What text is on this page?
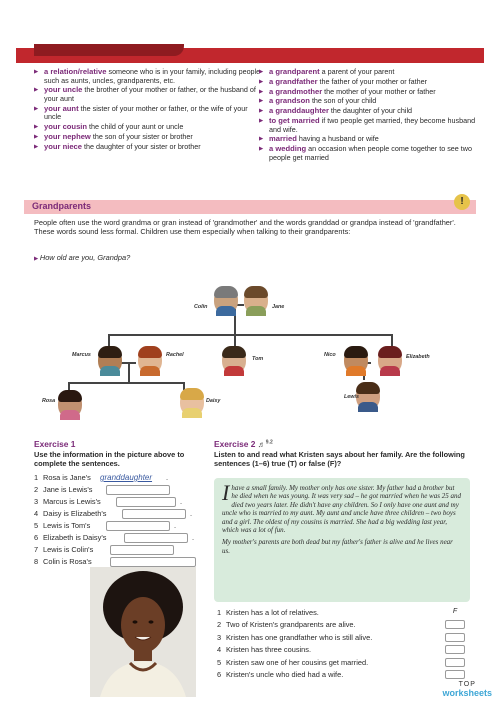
▶ a relation/relative someone who is in your family, including people such as aunts, uncles, grandparents, etc.
▶ your uncle the brother of your mother or father, or the husband of your aunt
▶ your aunt the sister of your mother or father, or the wife of your uncle
▶ your cousin the child of your aunt or uncle
▶ your nephew the son of your sister or brother
▶ your niece the daughter of your sister or brother
▶ a grandparent a parent of your parent
▶ a grandfather the father of your mother or father
▶ a grandmother the mother of your mother or father
▶ a grandson the son of your child
▶ a granddaughter the daughter of your child
▶ to get married if two people get married, they become husband and wife.
▶ married having a husband or wife
▶ a wedding an occasion when people come together to see two people get married
Grandparents	!
People often use the word grandma or gran instead of 'grandmother' and the words granddad or grandpa instead of 'grandfather'. These words sound less formal. Children use them especially when talking to their grandparents:
▶ How old are you, Grandpa?
Colin	Jane
Marcus	Rachel
Tom
Nico	Elizabeth
Rosa	Daisy
Lewis
Exercise 1
Use the information in the picture above to complete the sentences.
1 Rosa is Jane's granddaughter .
2 Jane is Lewis's
3 Marcus is Lewis's	.
4 Daisy is Elizabeth's	.
5 Lewis is Tom's	.
6 Elizabeth is Daisy's	.
7 Lewis is Colin's
8 Colin is Rosa's
Exercise 2 ♬$^{9.2}$
Listen to and read what Kristen says about her family. Are the following sentences (1–6) true (T) or false (F)?

Ihave a small family. My mother only has one sister. My father had a brother but he died when he was young. It was very sad – he got married when he was 25 and died two years later. He didn't have any children. So I only have one aunt and my uncle who is married to my aunt. My aunt and uncle have three children – two boys and a girl. The oldest of my cousins is married. She had a big wedding last year, which was a lot of fun.

My mother's parents are both dead but my father's father is alive and he lives near us.

1 Kristen has a lot of relatives.	F
2 Two of Kristen's grandparents are alive.
3 Kristen has one grandfather who is still alive.
4 Kristen has three cousins.
5 Kristen saw one of her cousins get married.
6 Kristen's uncle who died had a wife.
TOP
worksheets
